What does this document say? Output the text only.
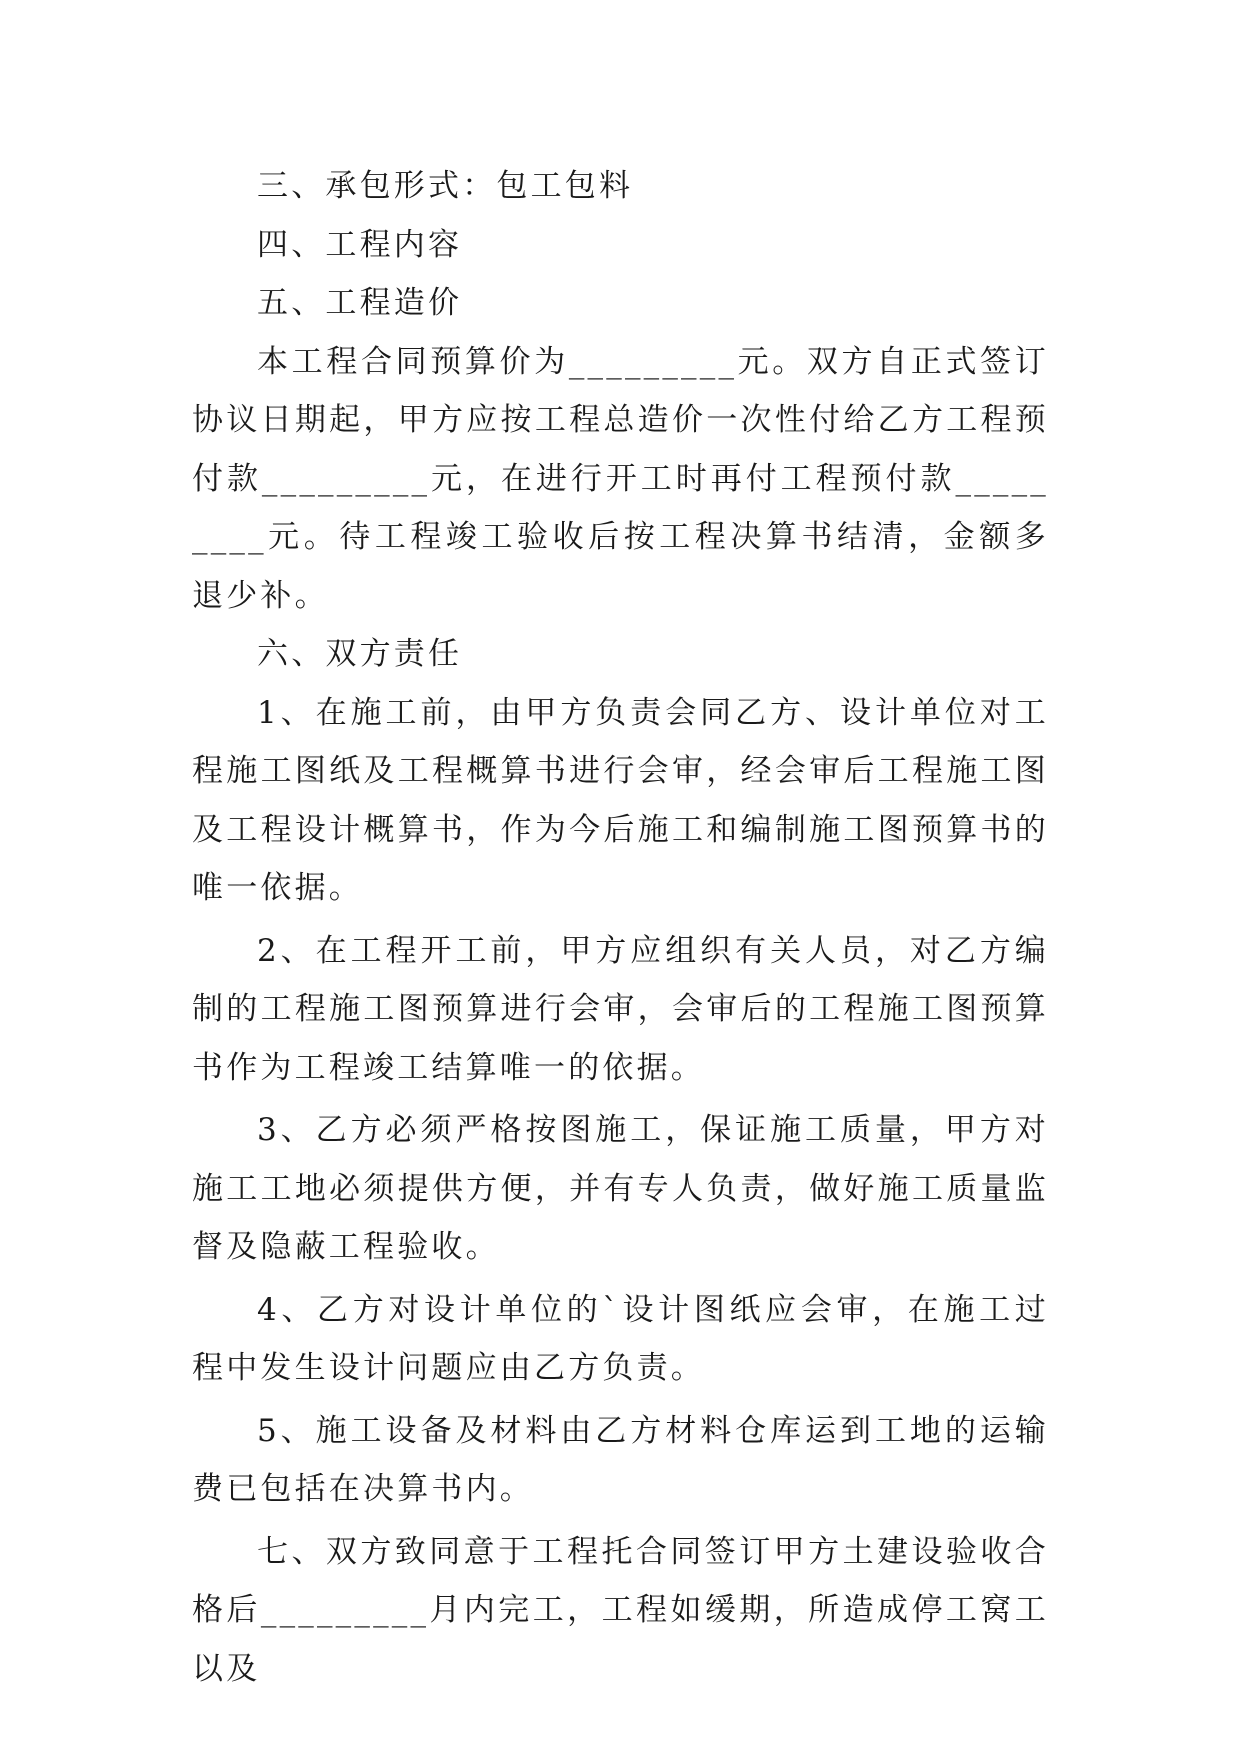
三、承包形式：包工包料

四、工程内容

五、工程造价

本工程合同预算价为_________元。双方自正式签订协议日期起，甲方应按工程总造价一次性付给乙方工程预付款_________元，在进行开工时再付工程预付款_________元。待工程竣工验收后按工程决算书结清，金额多退少补。

六、双方责任

1、在施工前，由甲方负责会同乙方、设计单位对工程施工图纸及工程概算书进行会审，经会审后工程施工图及工程设计概算书，作为今后施工和编制施工图预算书的唯一依据。

2、在工程开工前，甲方应组织有关人员，对乙方编制的工程施工图预算进行会审，会审后的工程施工图预算书作为工程竣工结算唯一的依据。

3、乙方必须严格按图施工，保证施工质量，甲方对施工工地必须提供方便，并有专人负责，做好施工质量监督及隐蔽工程验收。

4、乙方对设计单位的`设计图纸应会审，在施工过程中发生设计问题应由乙方负责。

5、施工设备及材料由乙方材料仓库运到工地的运输费已包括在决算书内。

七、双方致同意于工程托合同签订甲方土建设验收合格后_________月内完工，工程如缓期，所造成停工窝工以及
